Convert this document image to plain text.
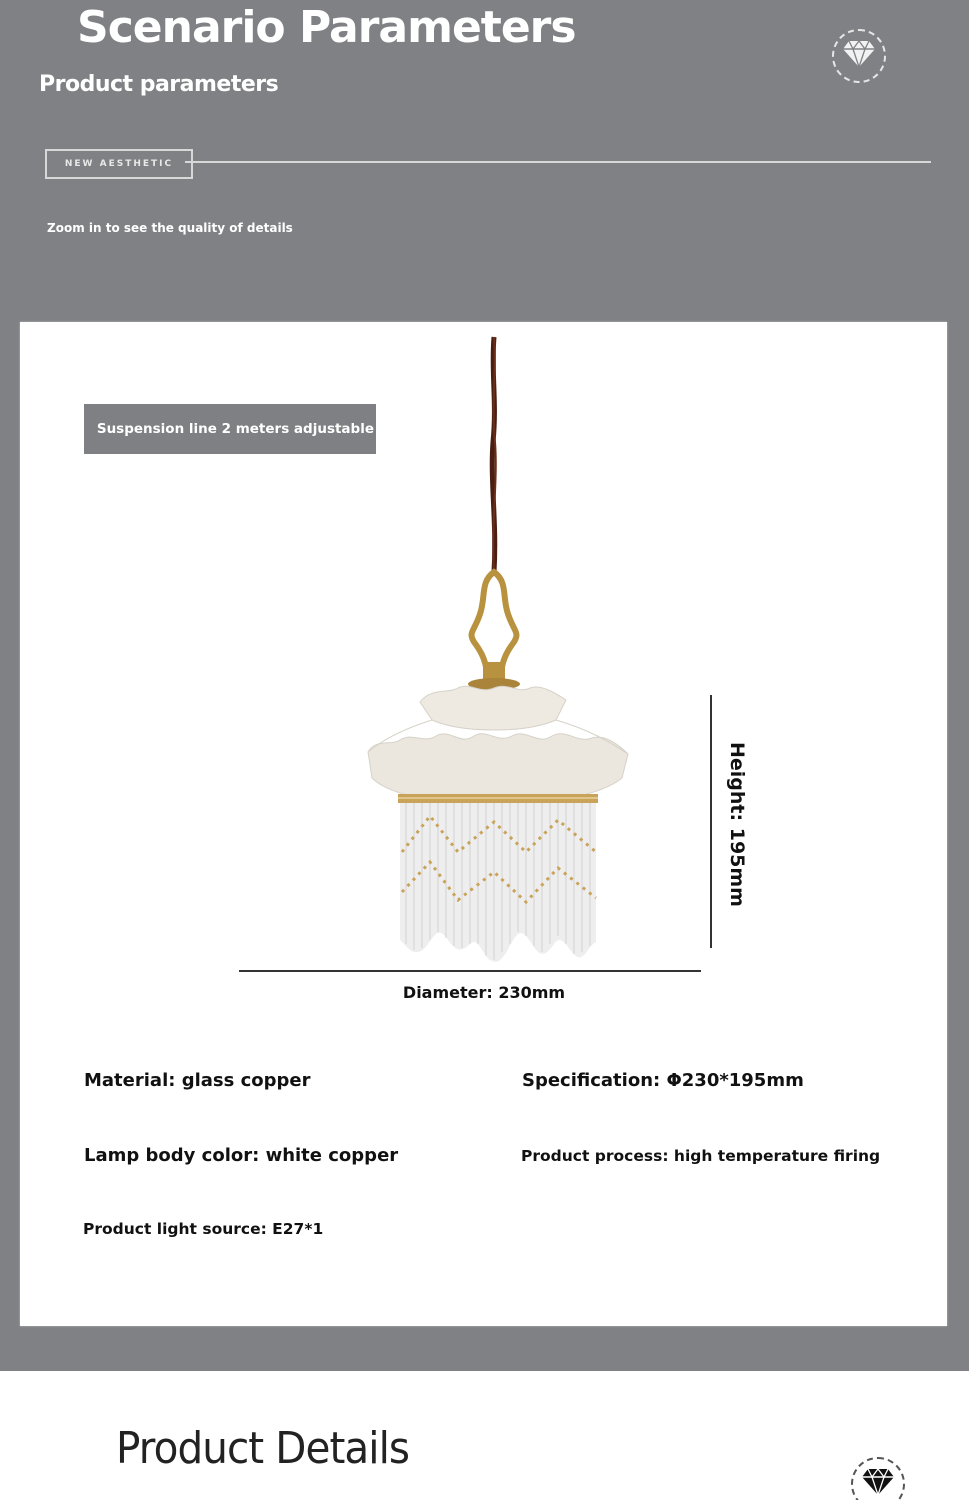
Scenario Parameters
Product parameters
NEW AESTHETIC
Zoom in to see the quality of details
Suspension line 2 meters adjustable
Diameter: 230mm
Height: 195mm
Material: glass copper	Specification: Φ230*195mm
Lamp body color: white copper	Product process: high temperature firing
Product light source: E27*1
Product Details
